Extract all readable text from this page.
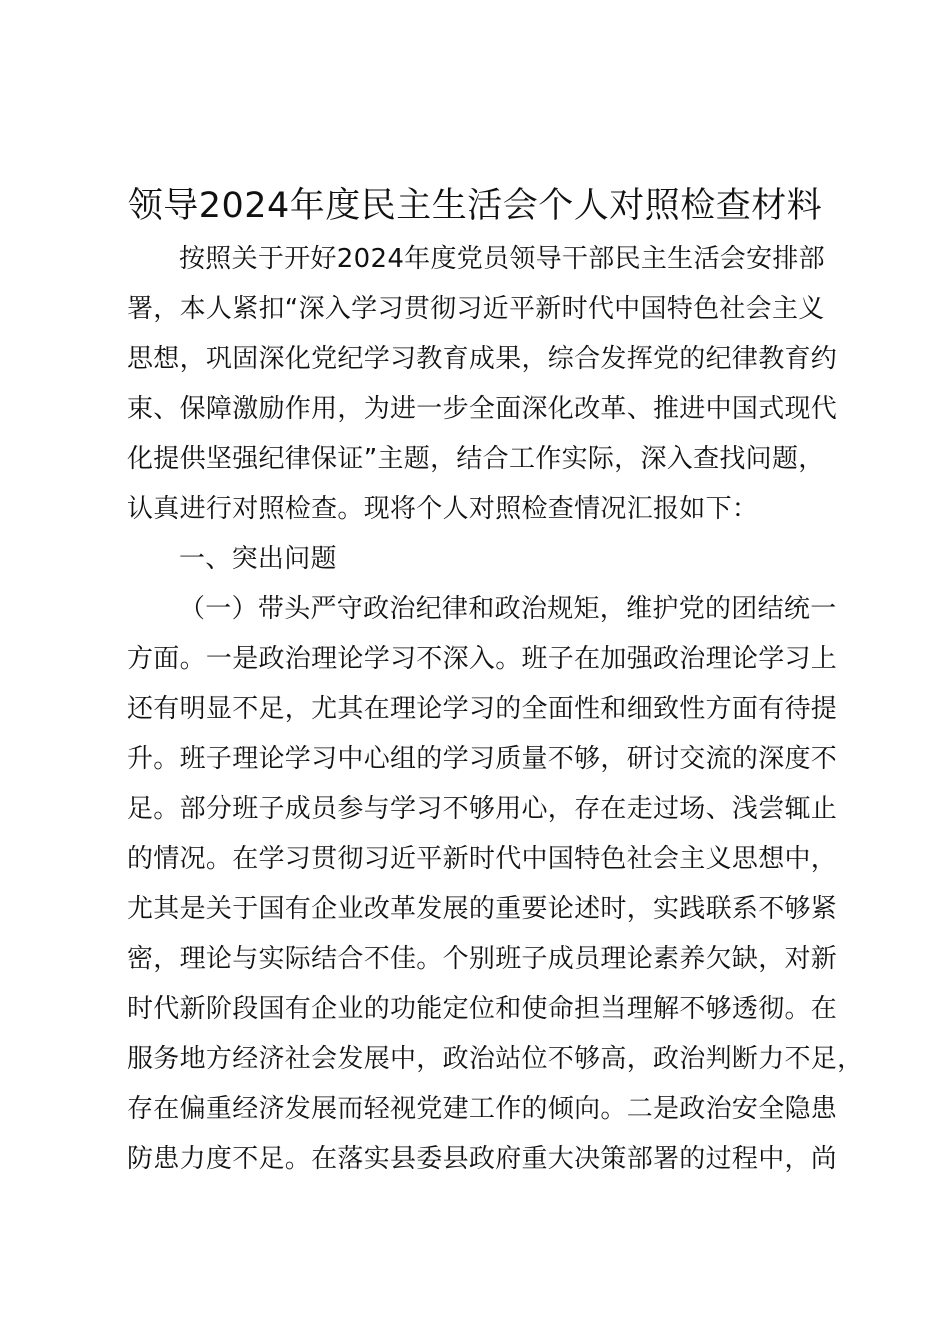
领导2024年度民主生活会个人对照检查材料
按照关于开好2024年度党员领导干部民主生活会安排部
署，本人紧扣“深入学习贯彻习近平新时代中国特色社会主义
思想，巩固深化党纪学习教育成果，综合发挥党的纪律教育约
束、保障激励作用，为进一步全面深化改革、推进中国式现代
化提供坚强纪律保证”主题，结合工作实际，深入查找问题，
认真进行对照检查。现将个人对照检查情况汇报如下：
一、突出问题
（一）带头严守政治纪律和政治规矩，维护党的团结统一
方面。一是政治理论学习不深入。班子在加强政治理论学习上
还有明显不足，尤其在理论学习的全面性和细致性方面有待提
升。班子理论学习中心组的学习质量不够，研讨交流的深度不
足。部分班子成员参与学习不够用心，存在走过场、浅尝辄止
的情况。在学习贯彻习近平新时代中国特色社会主义思想中，
尤其是关于国有企业改革发展的重要论述时，实践联系不够紧
密，理论与实际结合不佳。个别班子成员理论素养欠缺，对新
时代新阶段国有企业的功能定位和使命担当理解不够透彻。在
服务地方经济社会发展中，政治站位不够高，政治判断力不足，
存在偏重经济发展而轻视党建工作的倾向。二是政治安全隐患
防患力度不足。在落实县委县政府重大决策部署的过程中，尚
